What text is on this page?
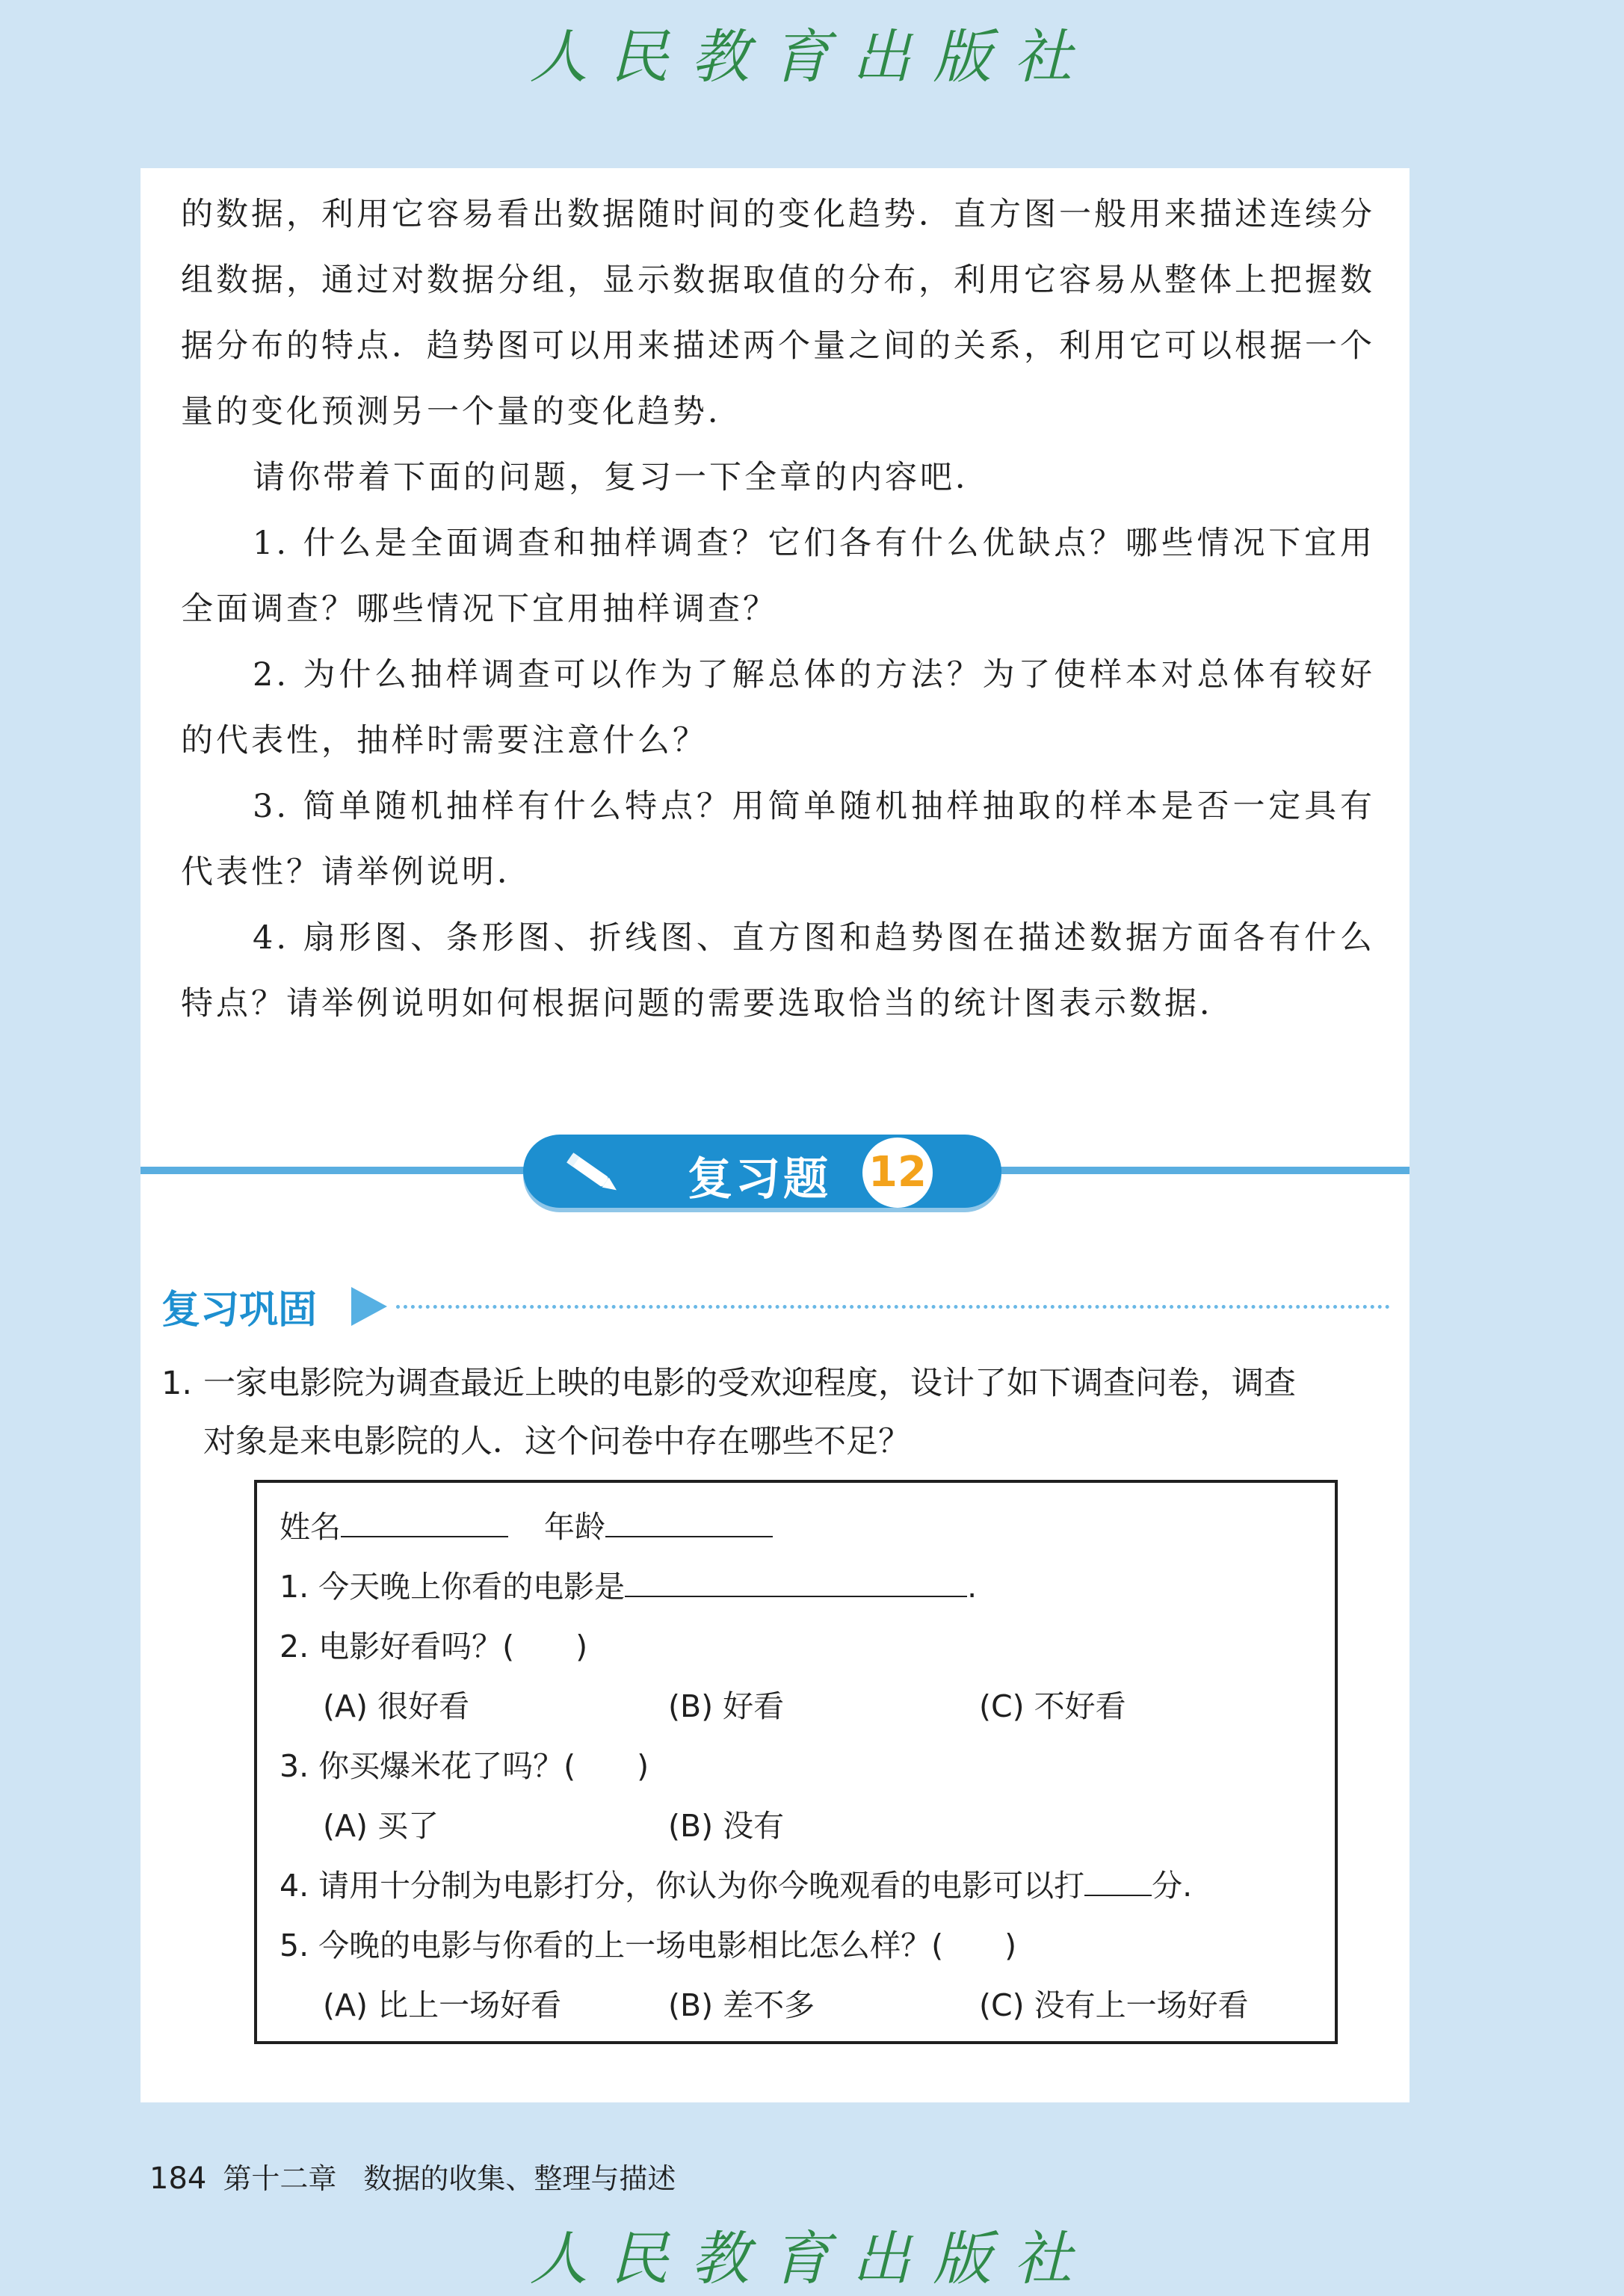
人民教育出版社

的数据，利用它容易看出数据随时间的变化趋势．直方图一般用来描述连续分组数据，通过对数据分组，显示数据取值的分布，利用它容易从整体上把握数据分布的特点．趋势图可以用来描述两个量之间的关系，利用它可以根据一个量的变化预测另一个量的变化趋势．

请你带着下面的问题，复习一下全章的内容吧．

1. 什么是全面调查和抽样调查？它们各有什么优缺点？哪些情况下宜用全面调查？哪些情况下宜用抽样调查？

2. 为什么抽样调查可以作为了解总体的方法？为了使样本对总体有较好的代表性，抽样时需要注意什么？

3. 简单随机抽样有什么特点？用简单随机抽样抽取的样本是否一定具有代表性？请举例说明．

4. 扇形图、条形图、折线图、直方图和趋势图在描述数据方面各有什么特点？请举例说明如何根据问题的需要选取恰当的统计图表示数据．

复习题 12
复习巩固
1. 一家电影院为调查最近上映的电影的受欢迎程度，设计了如下调查问卷，调查
对象是来电影院的人．这个问卷中存在哪些不足？
姓名	年龄
1. 今天晚上你看的电影是	.
2. 电影好看吗？(　　)
(A) 很好看	(B) 好看	(C) 不好看
3. 你买爆米花了吗？(　　)
(A) 买了	(B) 没有
4. 请用十分制为电影打分，你认为你今晚观看的电影可以打 分.
5. 今晚的电影与你看的上一场电影相比怎么样？(　　)
(A) 比上一场好看	(B) 差不多	(C) 没有上一场好看
184 第十二章 数据的收集、整理与描述
人民教育出版社
